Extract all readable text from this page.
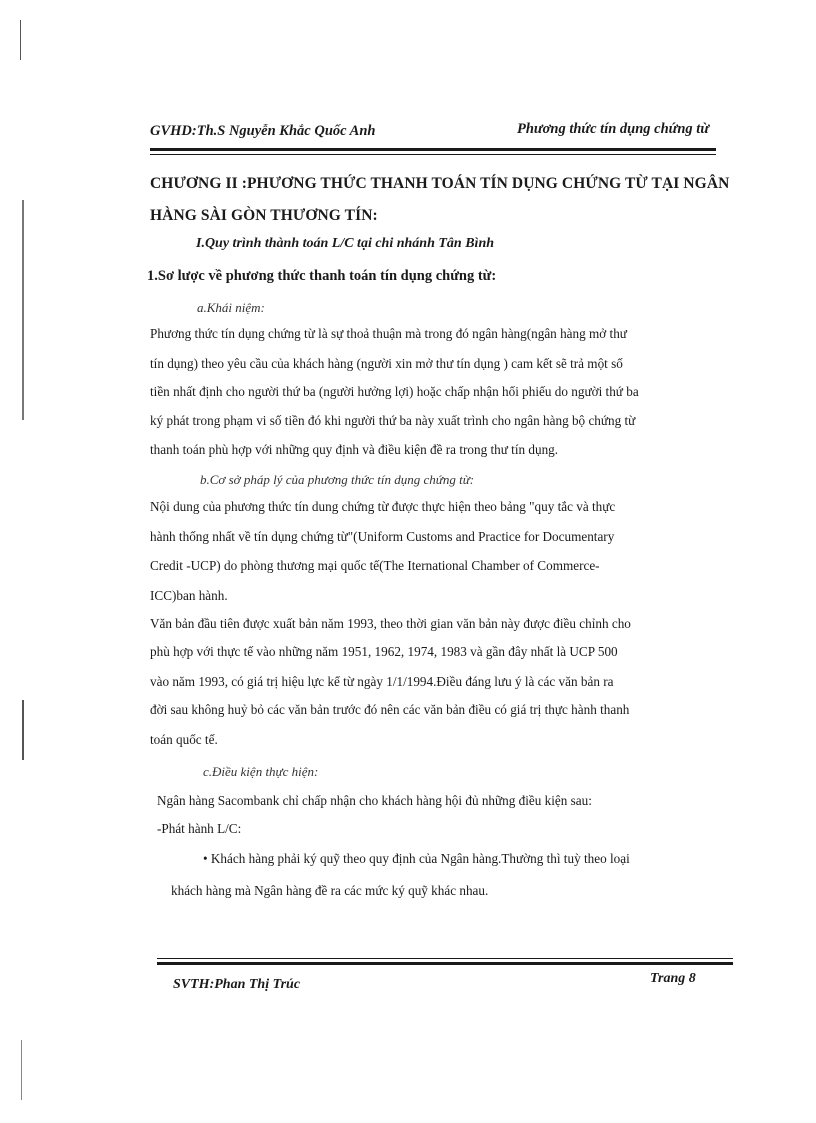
GVHD:Th.S Nguyễn Khắc Quốc Anh	Phương thức tín dụng chứng từ
CHƯƠNG II :PHƯƠNG THỨC THANH TOÁN TÍN DỤNG CHỨNG TỪ TẠI NGÂN
HÀNG SÀI GÒN THƯƠNG TÍN:
I.Quy trình thành toán L/C tại chi nhánh Tân Bình
1.Sơ lược về phương thức thanh toán tín dụng chứng từ:
a.Khái niệm:
Phương thức tín dụng chứng từ là sự thoả thuận mà trong đó ngân hàng(ngân hàng mở thư
tín dụng) theo yêu cầu của khách hàng (người xin mở thư tín dụng ) cam kết sẽ trả một số
tiền nhất định cho người thứ ba (người hưởng lợi) hoặc chấp nhận hối phiếu do người thứ ba
ký phát trong phạm vi số tiền đó khi người thứ ba này xuất trình cho ngân hàng bộ chứng từ
thanh toán phù hợp với những quy định và điều kiện đề ra trong thư tín dụng.
b.Cơ sở pháp lý của phương thức tín dụng chứng từ:
Nội dung của phương thức tín dung chứng từ được thực hiện theo bảng "quy tắc và thực
hành thống nhất về tín dụng chứng từ"(Uniform Customs and Practice for Documentary
Credit -UCP) do phòng thương mại quốc tế(The Iternational Chamber of Commerce-
ICC)ban hành.
Văn bản đầu tiên được xuất bản năm 1993, theo thời gian văn bản này được điều chỉnh cho
phù hợp với thực tế vào những năm 1951, 1962, 1974, 1983 và gần đây nhất là UCP 500
vào năm 1993, có giá trị hiệu lực kể từ ngày 1/1/1994.Điều đáng lưu ý là các văn bản ra
đời sau không huỷ bỏ các văn bản trước đó nên các văn bản điều có giá trị thực hành thanh
toán quốc tế.
c.Điều kiện thực hiện:
Ngân hàng Sacombank chỉ chấp nhận cho khách hàng hội đủ những điều kiện sau:
-Phát hành L/C:
• Khách hàng phải ký quỹ theo quy định của Ngân hàng.Thường thì tuỳ theo loại
khách hàng mà Ngân hàng đề ra các mức ký quỹ khác nhau.
SVTH:Phan Thị Trúc	Trang 8
